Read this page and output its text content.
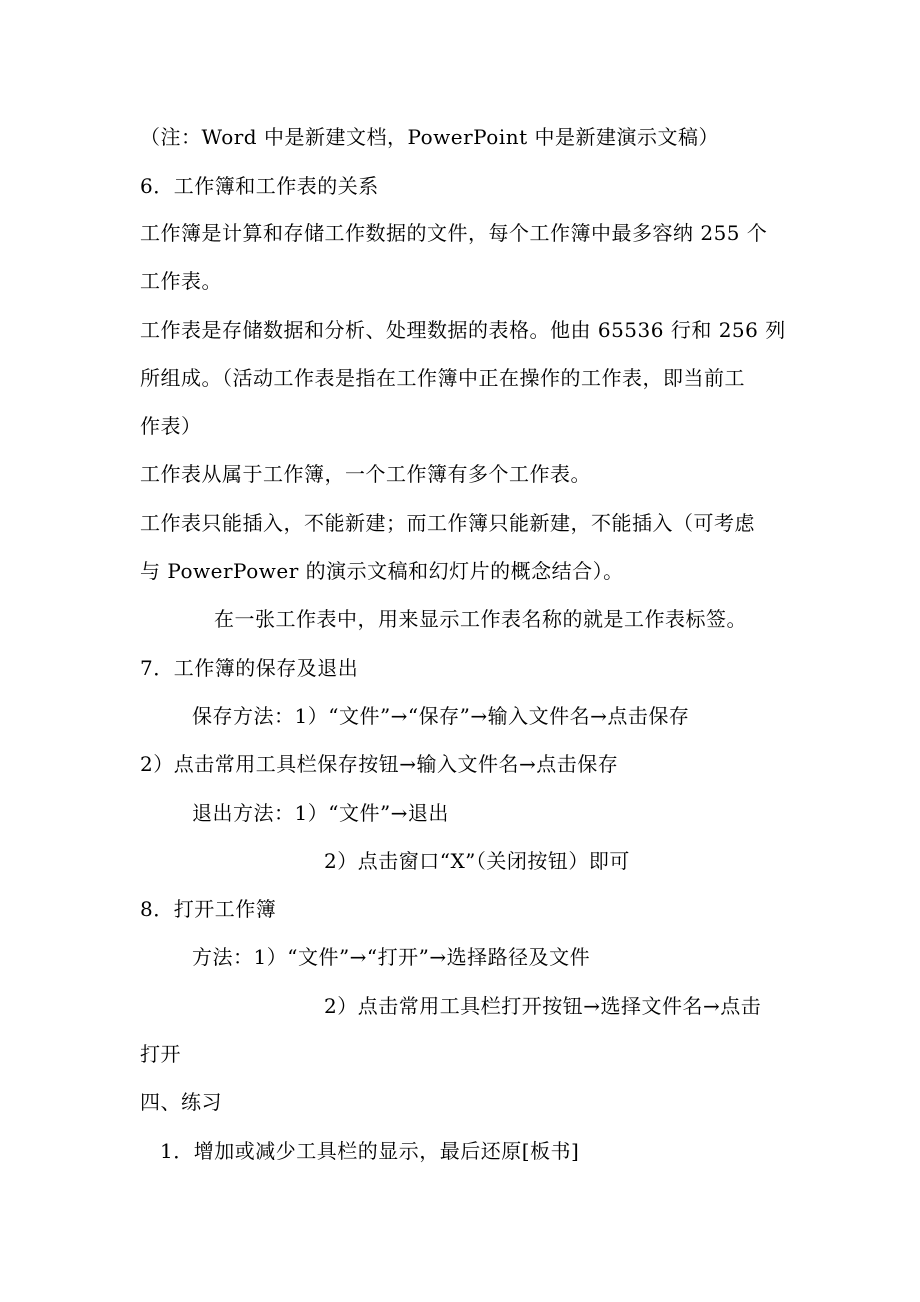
（注：Word 中是新建文档，PowerPoint 中是新建演示文稿）
6．工作簿和工作表的关系
工作簿是计算和存储工作数据的文件，每个工作簿中最多容纳 255 个
工作表。
工作表是存储数据和分析、处理数据的表格。他由 65536 行和 256 列
所组成。（活动工作表是指在工作簿中正在操作的工作表，即当前工
作表）
工作表从属于工作簿，一个工作簿有多个工作表。
工作表只能插入，不能新建；而工作簿只能新建，不能插入（可考虑
与 PowerPower 的演示文稿和幻灯片的概念结合）。
在一张工作表中，用来显示工作表名称的就是工作表标签。
7．工作簿的保存及退出
保存方法：1）“文件”→“保存”→输入文件名→点击保存
2）点击常用工具栏保存按钮→输入文件名→点击保存
退出方法：1）“文件”→退出
2）点击窗口“X”（关闭按钮）即可
8．打开工作簿
方法：1）“文件”→“打开”→选择路径及文件
2）点击常用工具栏打开按钮→选择文件名→点击
打开
四、练习
1．增加或减少工具栏的显示，最后还原[板书]
